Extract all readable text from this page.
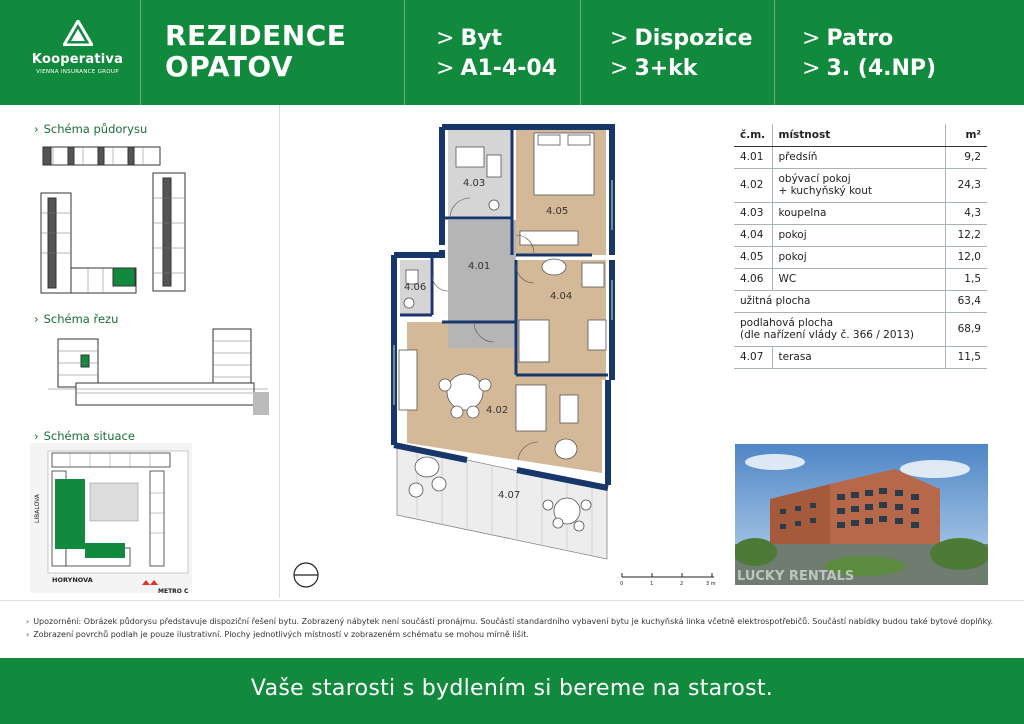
Kooperativa
VIENNA INSURANCE GROUP
REZIDENCE
OPATOV
> Byt
> A1-4-04
> Dispozice
> 3+kk
> Patro
> 3. (4.NP)
› Schéma půdorysu
› Schéma řezu
› Schéma situace
LIBALOVA
HORYNOVA
METRO C
4.03
4.05
4.01
4.04
4.06
4.02
4.07
0	1	2	3 m
č.m.	místnost	m²
4.01	předsíň	9,2
4.02	obývací pokoj
+ kuchyňský kout	24,3
4.03	koupelna	4,3
4.04	pokoj	12,2
4.05	pokoj	12,0
4.06	WC	1,5
užitná plocha		63,4

podlahová plocha
(dle nařízení vlády č. 366 / 2013)		68,9
4.07	terasa	11,5
LUCKY RENTALS
› Upozornění: Obrázek půdorysu představuje dispoziční řešení bytu. Zobrazený nábytek není součástí pronájmu. Součástí standardního vybavení bytu je kuchyňská linka včetně elektrospotřebičů. Součástí nabídky budou také bytové doplňky.
› Zobrazení povrchů podlah je pouze ilustrativní. Plochy jednotlivých místností v zobrazeném schématu se mohou mírně lišit.
Vaše starosti s bydlením si bereme na starost.
